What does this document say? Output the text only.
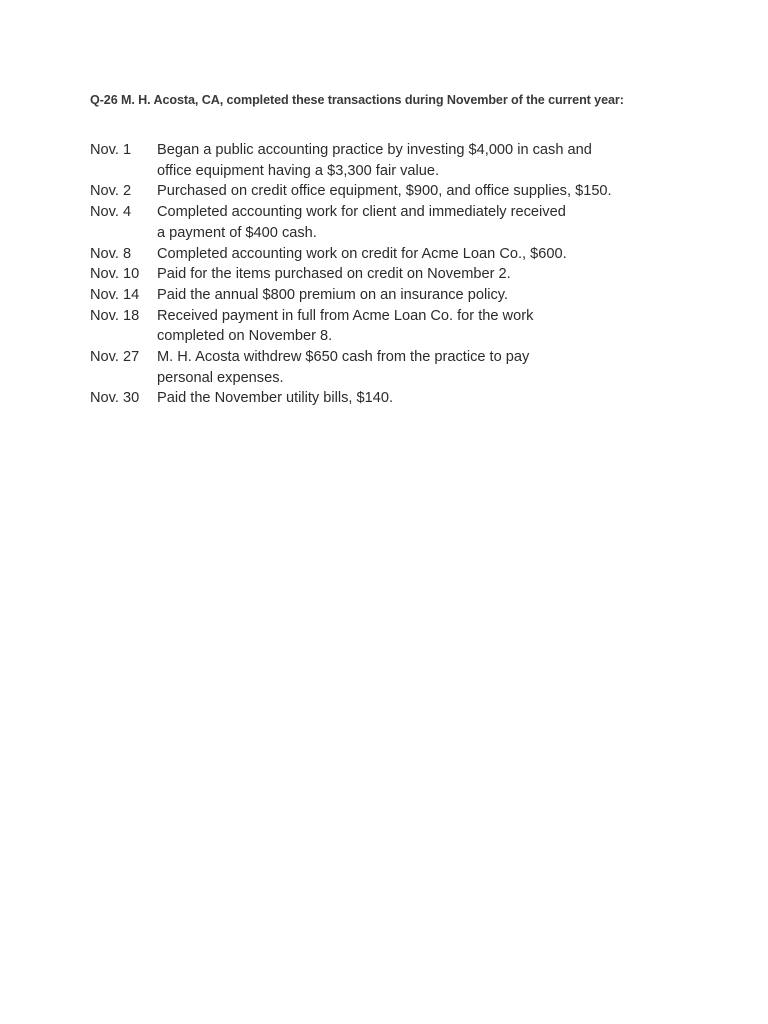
Q-26 M. H. Acosta, CA, completed these transactions during November of the current year:
Nov. 1	Began a public accounting practice by investing $4,000 in cash and
office equipment having a $3,300 fair value.
Nov. 2	Purchased on credit office equipment, $900, and office supplies, $150.
Nov. 4	Completed accounting work for client and immediately received
a payment of $400 cash.
Nov. 8	Completed accounting work on credit for Acme Loan Co., $600.
Nov. 10	Paid for the items purchased on credit on November 2.
Nov. 14	Paid the annual $800 premium on an insurance policy.
Nov. 18	Received payment in full from Acme Loan Co. for the work
completed on November 8.
Nov. 27	M. H. Acosta withdrew $650 cash from the practice to pay
personal expenses.
Nov. 30	Paid the November utility bills, $140.
